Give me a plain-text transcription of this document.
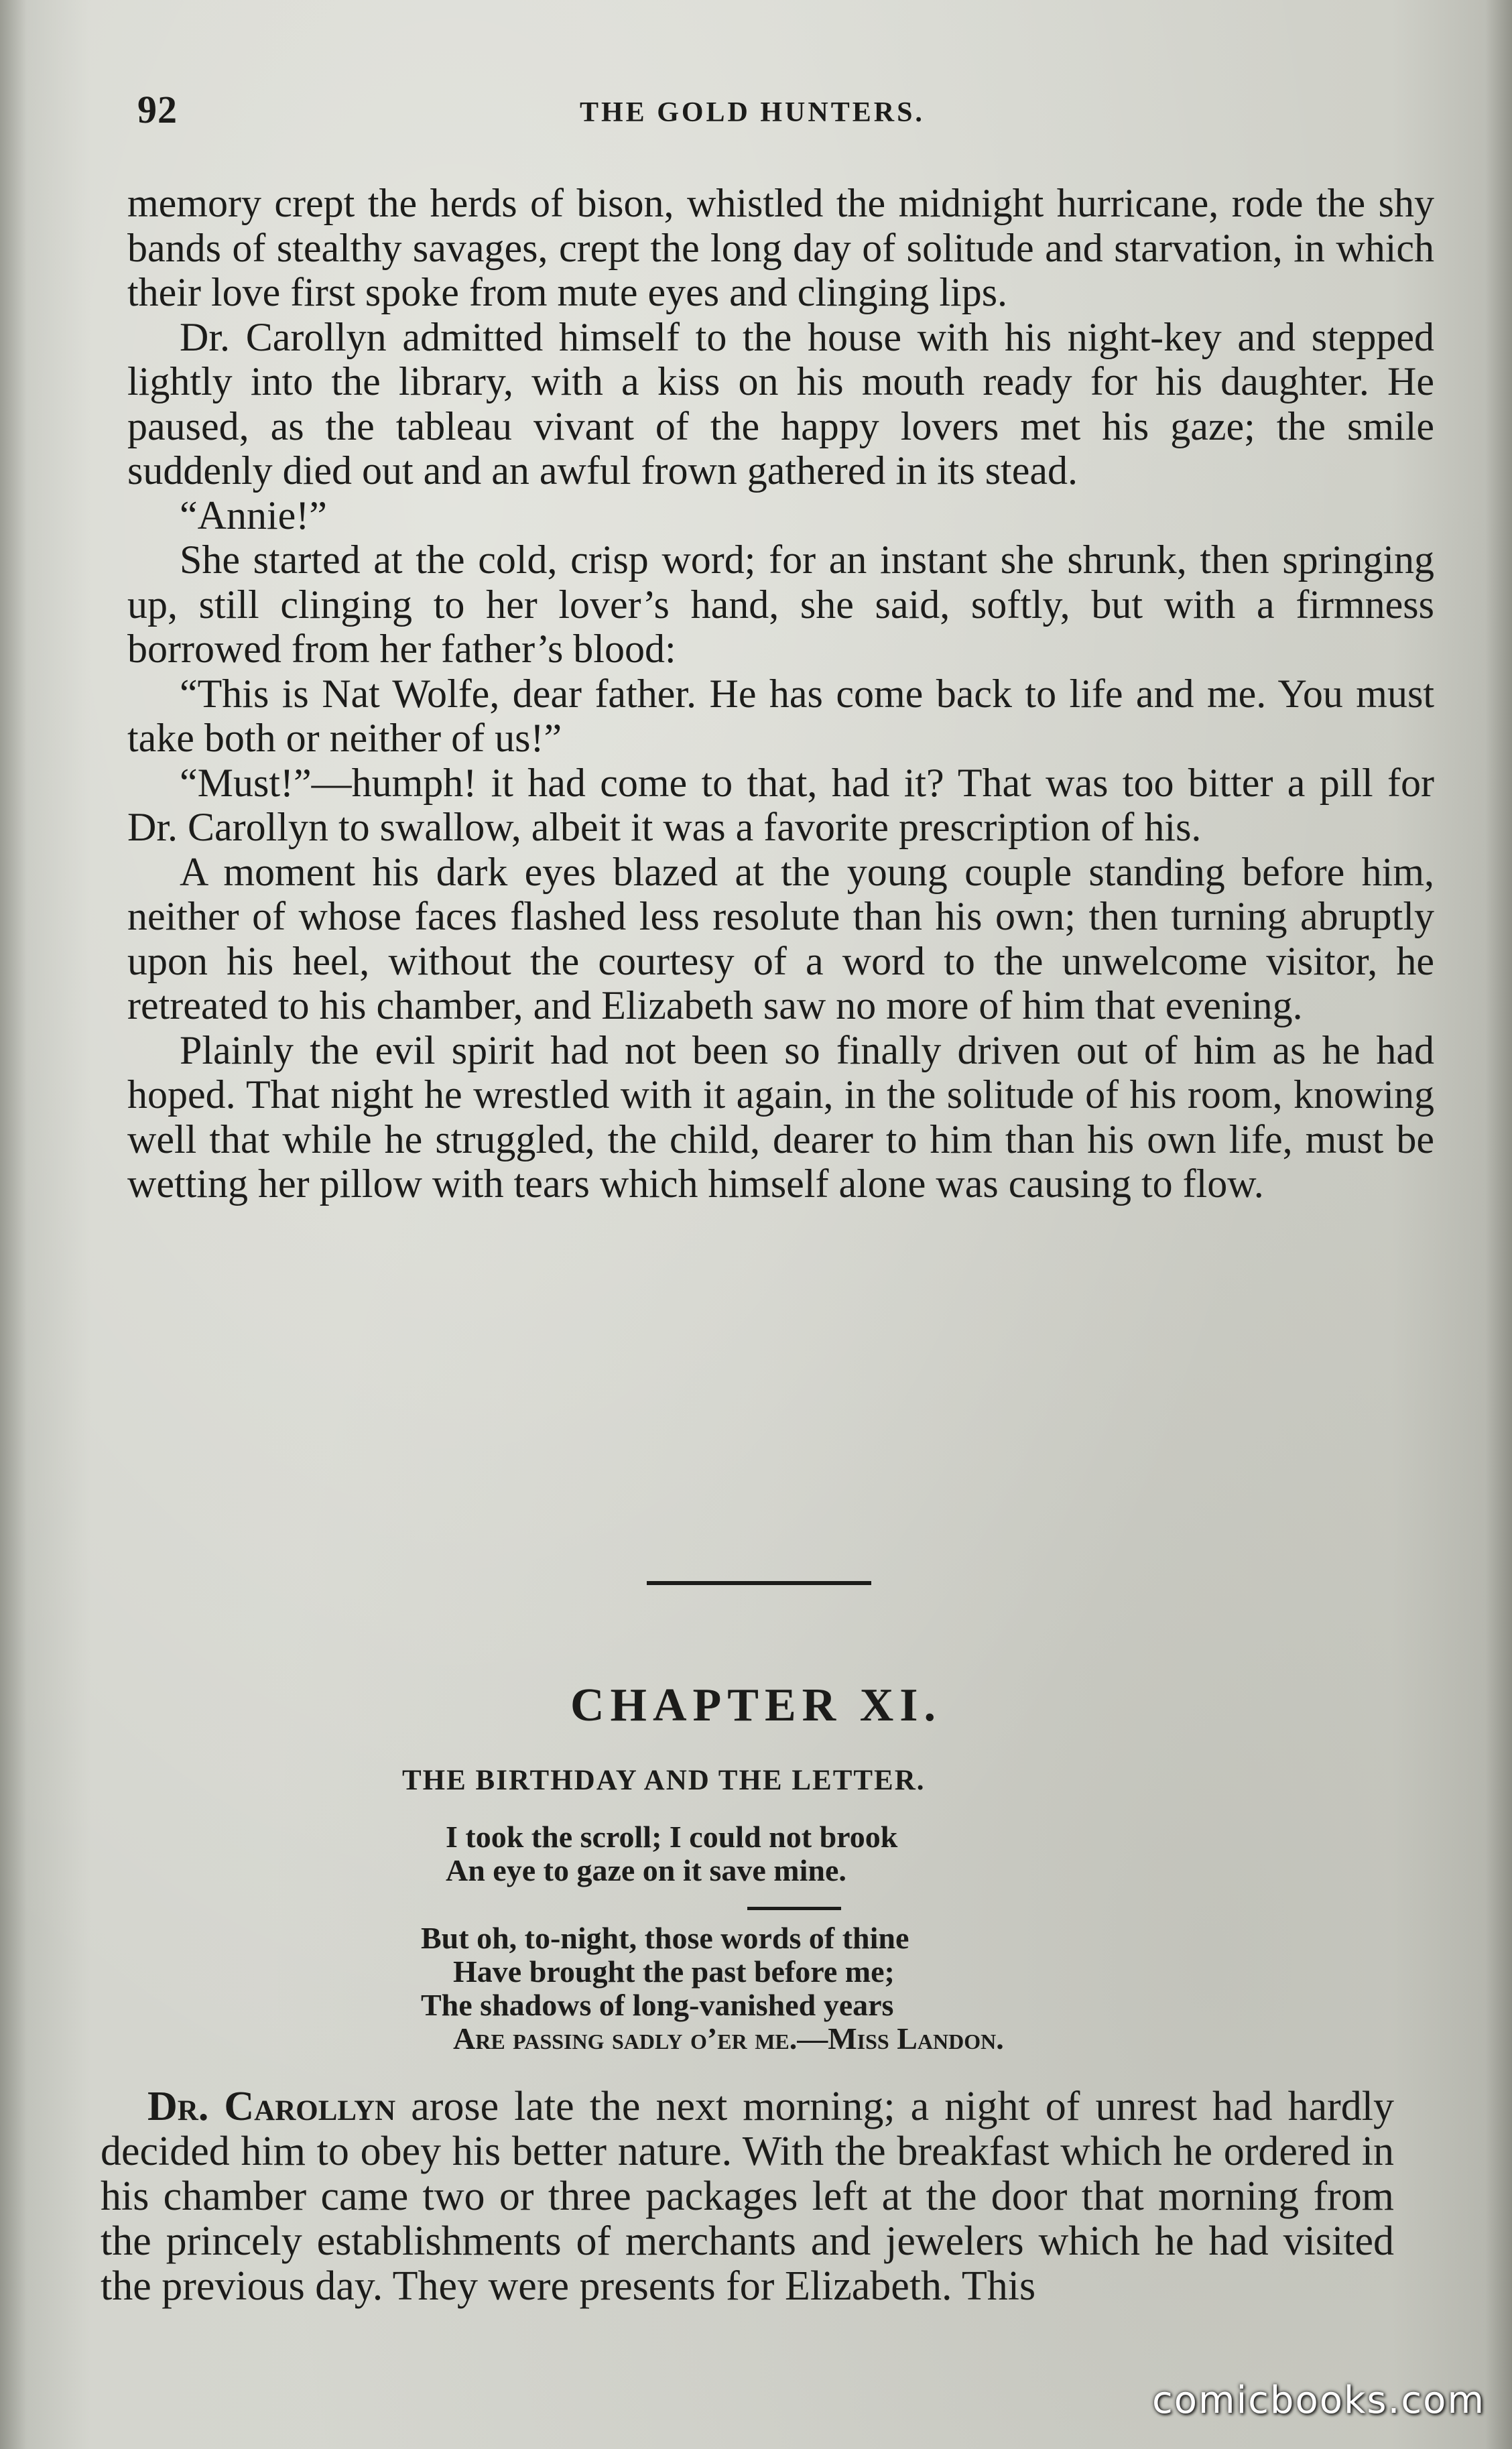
92	THE GOLD HUNTERS.

memory crept the herds of bison, whistled the midnight hurricane, rode the shy bands of stealthy savages, crept the long day of solitude and starvation, in which their love first spoke from mute eyes and clinging lips.

Dr. Carollyn admitted himself to the house with his night-key and stepped lightly into the library, with a kiss on his mouth ready for his daughter. He paused, as the tableau vivant of the happy lovers met his gaze; the smile suddenly died out and an awful frown gathered in its stead.

“Annie!”

She started at the cold, crisp word; for an instant she shrunk, then springing up, still clinging to her lover’s hand, she said, softly, but with a firmness borrowed from her father’s blood:

“This is Nat Wolfe, dear father. He has come back to life and me. You must take both or neither of us!”

“Must!”—humph! it had come to that, had it? That was too bitter a pill for Dr. Carollyn to swallow, albeit it was a favorite prescription of his.

A moment his dark eyes blazed at the young couple standing before him, neither of whose faces flashed less resolute than his own; then turning abruptly upon his heel, without the courtesy of a word to the unwelcome visitor, he retreated to his chamber, and Elizabeth saw no more of him that evening.

Plainly the evil spirit had not been so finally driven out of him as he had hoped. That night he wrestled with it again, in the solitude of his room, knowing well that while he struggled, the child, dearer to him than his own life, must be wetting her pillow with tears which himself alone was causing to flow.

CHAPTER XI.
THE BIRTHDAY AND THE LETTER.
I took the scroll; I could not brook
An eye to gaze on it save mine.
But oh, to-night, those words of thine
Have brought the past before me;
The shadows of long-vanished years
Are passing sadly o’er me.—Miss Landon.

Dr. Carollyn arose late the next morning; a night of unrest had hardly decided him to obey his better nature. With the breakfast which he ordered in his chamber came two or three packages left at the door that morning from the princely establishments of merchants and jewelers which he had visited the previous day. They were presents for Elizabeth. This

comicbooks.com
